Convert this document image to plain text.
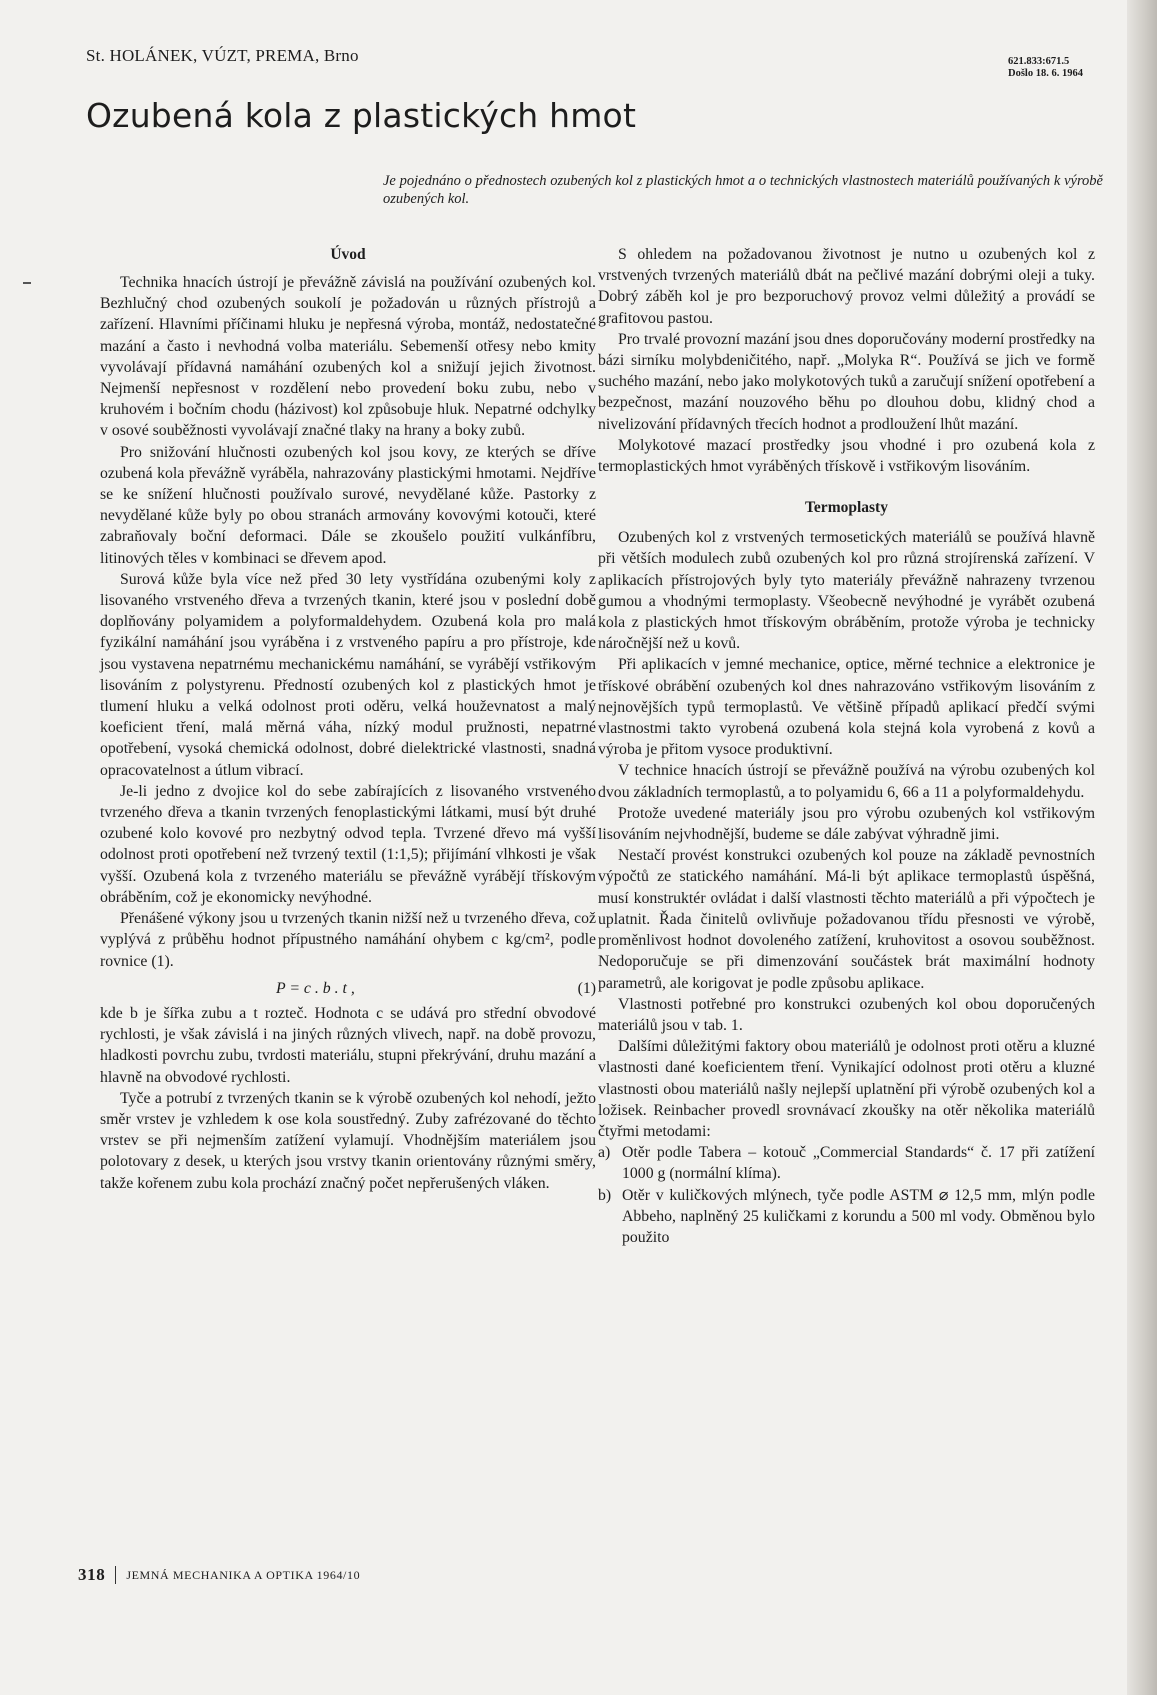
St. HOLÁNEK, VÚZT, PREMA, Brno	621.833:671.5
Došlo 18. 6. 1964
Ozubená kola z plastických hmot
Je pojednáno o přednostech ozubených kol z plastických hmot a o technických vlastnostech materiálů používaných k výrobě ozubených kol.
Úvod

Technika hnacích ústrojí je převážně závislá na používání ozubených kol. Bezhlučný chod ozubených soukolí je požadován u různých přístrojů a zařízení. Hlavními příčinami hluku je nepřesná výroba, montáž, nedostatečné mazání a často i nevhodná volba materiálu. Sebemenší otřesy nebo kmity vyvolávají přídavná namáhání ozubených kol a snižují jejich životnost. Nejmenší nepřesnost v rozdělení nebo provedení boku zubu, nebo v kruhovém i bočním chodu (házivost) kol způsobuje hluk. Nepatrné odchylky v osové souběžnosti vyvolávají značné tlaky na hrany a boky zubů.

Pro snižování hlučnosti ozubených kol jsou kovy, ze kterých se dříve ozubená kola převážně vyráběla, nahrazovány plastickými hmotami. Nejdříve se ke snížení hlučnosti používalo surové, nevydělané kůže. Pastorky z nevydělané kůže byly po obou stranách armovány kovovými kotouči, které zabraňovaly boční deformaci. Dále se zkoušelo použití vulkánfíbru, litinových těles v kombinaci se dřevem apod.

Surová kůže byla více než před 30 lety vystřídána ozubenými koly z lisovaného vrstveného dřeva a tvrzených tkanin, které jsou v poslední době doplňovány polyamidem a polyformaldehydem. Ozubená kola pro malá fyzikální namáhání jsou vyráběna i z vrstveného papíru a pro přístroje, kde jsou vystavena nepatrnému mechanickému namáhání, se vyrábějí vstřikovým lisováním z polystyrenu. Předností ozubených kol z plastických hmot je tlumení hluku a velká odolnost proti oděru, velká houževnatost a malý koeficient tření, malá měrná váha, nízký modul pružnosti, nepatrné opotřebení, vysoká chemická odolnost, dobré dielektrické vlastnosti, snadná opracovatelnost a útlum vibrací.

Je-li jedno z dvojice kol do sebe zabírajících z lisovaného vrstveného tvrzeného dřeva a tkanin tvrzených fenoplastickými látkami, musí být druhé ozubené kolo kovové pro nezbytný odvod tepla. Tvrzené dřevo má vyšší odolnost proti opotřebení než tvrzený textil (1:1,5); přijímání vlhkosti je však vyšší. Ozubená kola z tvrzeného materiálu se převážně vyrábějí třískovým obráběním, což je ekonomicky nevýhodné.

Přenášené výkony jsou u tvrzených tkanin nižší než u tvrzeného dřeva, což vyplývá z průběhu hodnot přípustného namáhání ohybem c kg/cm², podle rovnice (1).

P = c . b . t ,	(1)

kde b je šířka zubu a t rozteč. Hodnota c se udává pro střední obvodové rychlosti, je však závislá i na jiných různých vlivech, např. na době provozu, hladkosti povrchu zubu, tvrdosti materiálu, stupni překrývání, druhu mazání a hlavně na obvodové rychlosti.

Tyče a potrubí z tvrzených tkanin se k výrobě ozubených kol nehodí, ježto směr vrstev je vzhledem k ose kola soustředný. Zuby zafrézované do těchto vrstev se při nejmenším zatížení vylamují. Vhodnějším materiálem jsou polotovary z desek, u kterých jsou vrstvy tkanin orientovány různými směry, takže kořenem zubu kola prochází značný počet nepřerušených vláken.

S ohledem na požadovanou životnost je nutno u ozubených kol z vrstvených tvrzených materiálů dbát na pečlivé mazání dobrými oleji a tuky. Dobrý záběh kol je pro bezporuchový provoz velmi důležitý a provádí se grafitovou pastou.

Pro trvalé provozní mazání jsou dnes doporučovány moderní prostředky na bázi sirníku molybdeničitého, např. „Molyka R“. Používá se jich ve formě suchého mazání, nebo jako molykotových tuků a zaručují snížení opotřebení a bezpečnost, mazání nouzového běhu po dlouhou dobu, klidný chod a nivelizování přídavných třecích hodnot a prodloužení lhůt mazání.

Molykotové mazací prostředky jsou vhodné i pro ozubená kola z termoplastických hmot vyráběných třískově i vstřikovým lisováním.

Termoplasty

Ozubených kol z vrstvených termosetických materiálů se používá hlavně při větších modulech zubů ozubených kol pro různá strojírenská zařízení. V aplikacích přístrojových byly tyto materiály převážně nahrazeny tvrzenou gumou a vhodnými termoplasty. Všeobecně nevýhodné je vyrábět ozubená kola z plastických hmot třískovým obráběním, protože výroba je technicky náročnější než u kovů.

Při aplikacích v jemné mechanice, optice, měrné technice a elektronice je třískové obrábění ozubených kol dnes nahrazováno vstřikovým lisováním z nejnovějších typů termoplastů. Ve většině případů aplikací předčí svými vlastnostmi takto vyrobená ozubená kola stejná kola vyrobená z kovů a výroba je přitom vysoce produktivní.

V technice hnacích ústrojí se převážně používá na výrobu ozubených kol dvou základních termoplastů, a to polyamidu 6, 66 a 11 a polyformaldehydu.

Protože uvedené materiály jsou pro výrobu ozubených kol vstřikovým lisováním nejvhodnější, budeme se dále zabývat výhradně jimi.

Nestačí provést konstrukci ozubených kol pouze na základě pevnostních výpočtů ze statického namáhání. Má-li být aplikace termoplastů úspěšná, musí konstruktér ovládat i další vlastnosti těchto materiálů a při výpočtech je uplatnit. Řada činitelů ovlivňuje požadovanou třídu přesnosti ve výrobě, proměnlivost hodnot dovoleného zatížení, kruhovitost a osovou souběžnost. Nedoporučuje se při dimenzování součástek brát maximální hodnoty parametrů, ale korigovat je podle způsobu aplikace.

Vlastnosti potřebné pro konstrukci ozubených kol obou doporučených materiálů jsou v tab. 1.

Dalšími důležitými faktory obou materiálů je odolnost proti otěru a kluzné vlastnosti dané koeficientem tření. Vynikající odolnost proti otěru a kluzné vlastnosti obou materiálů našly nejlepší uplatnění při výrobě ozubených kol a ložisek. Reinbacher provedl srovnávací zkoušky na otěr několika materiálů čtyřmi metodami:

a) Otěr podle Tabera – kotouč „Commercial Standards“ č. 17 při zatížení 1000 g (normální klíma).
b) Otěr v kuličkových mlýnech, tyče podle ASTM ⌀ 12,5 mm, mlýn podle Abbeho, naplněný 25 kuličkami z korundu a 500 ml vody. Obměnou bylo použito
318 JEMNÁ MECHANIKA A OPTIKA 1964/10
